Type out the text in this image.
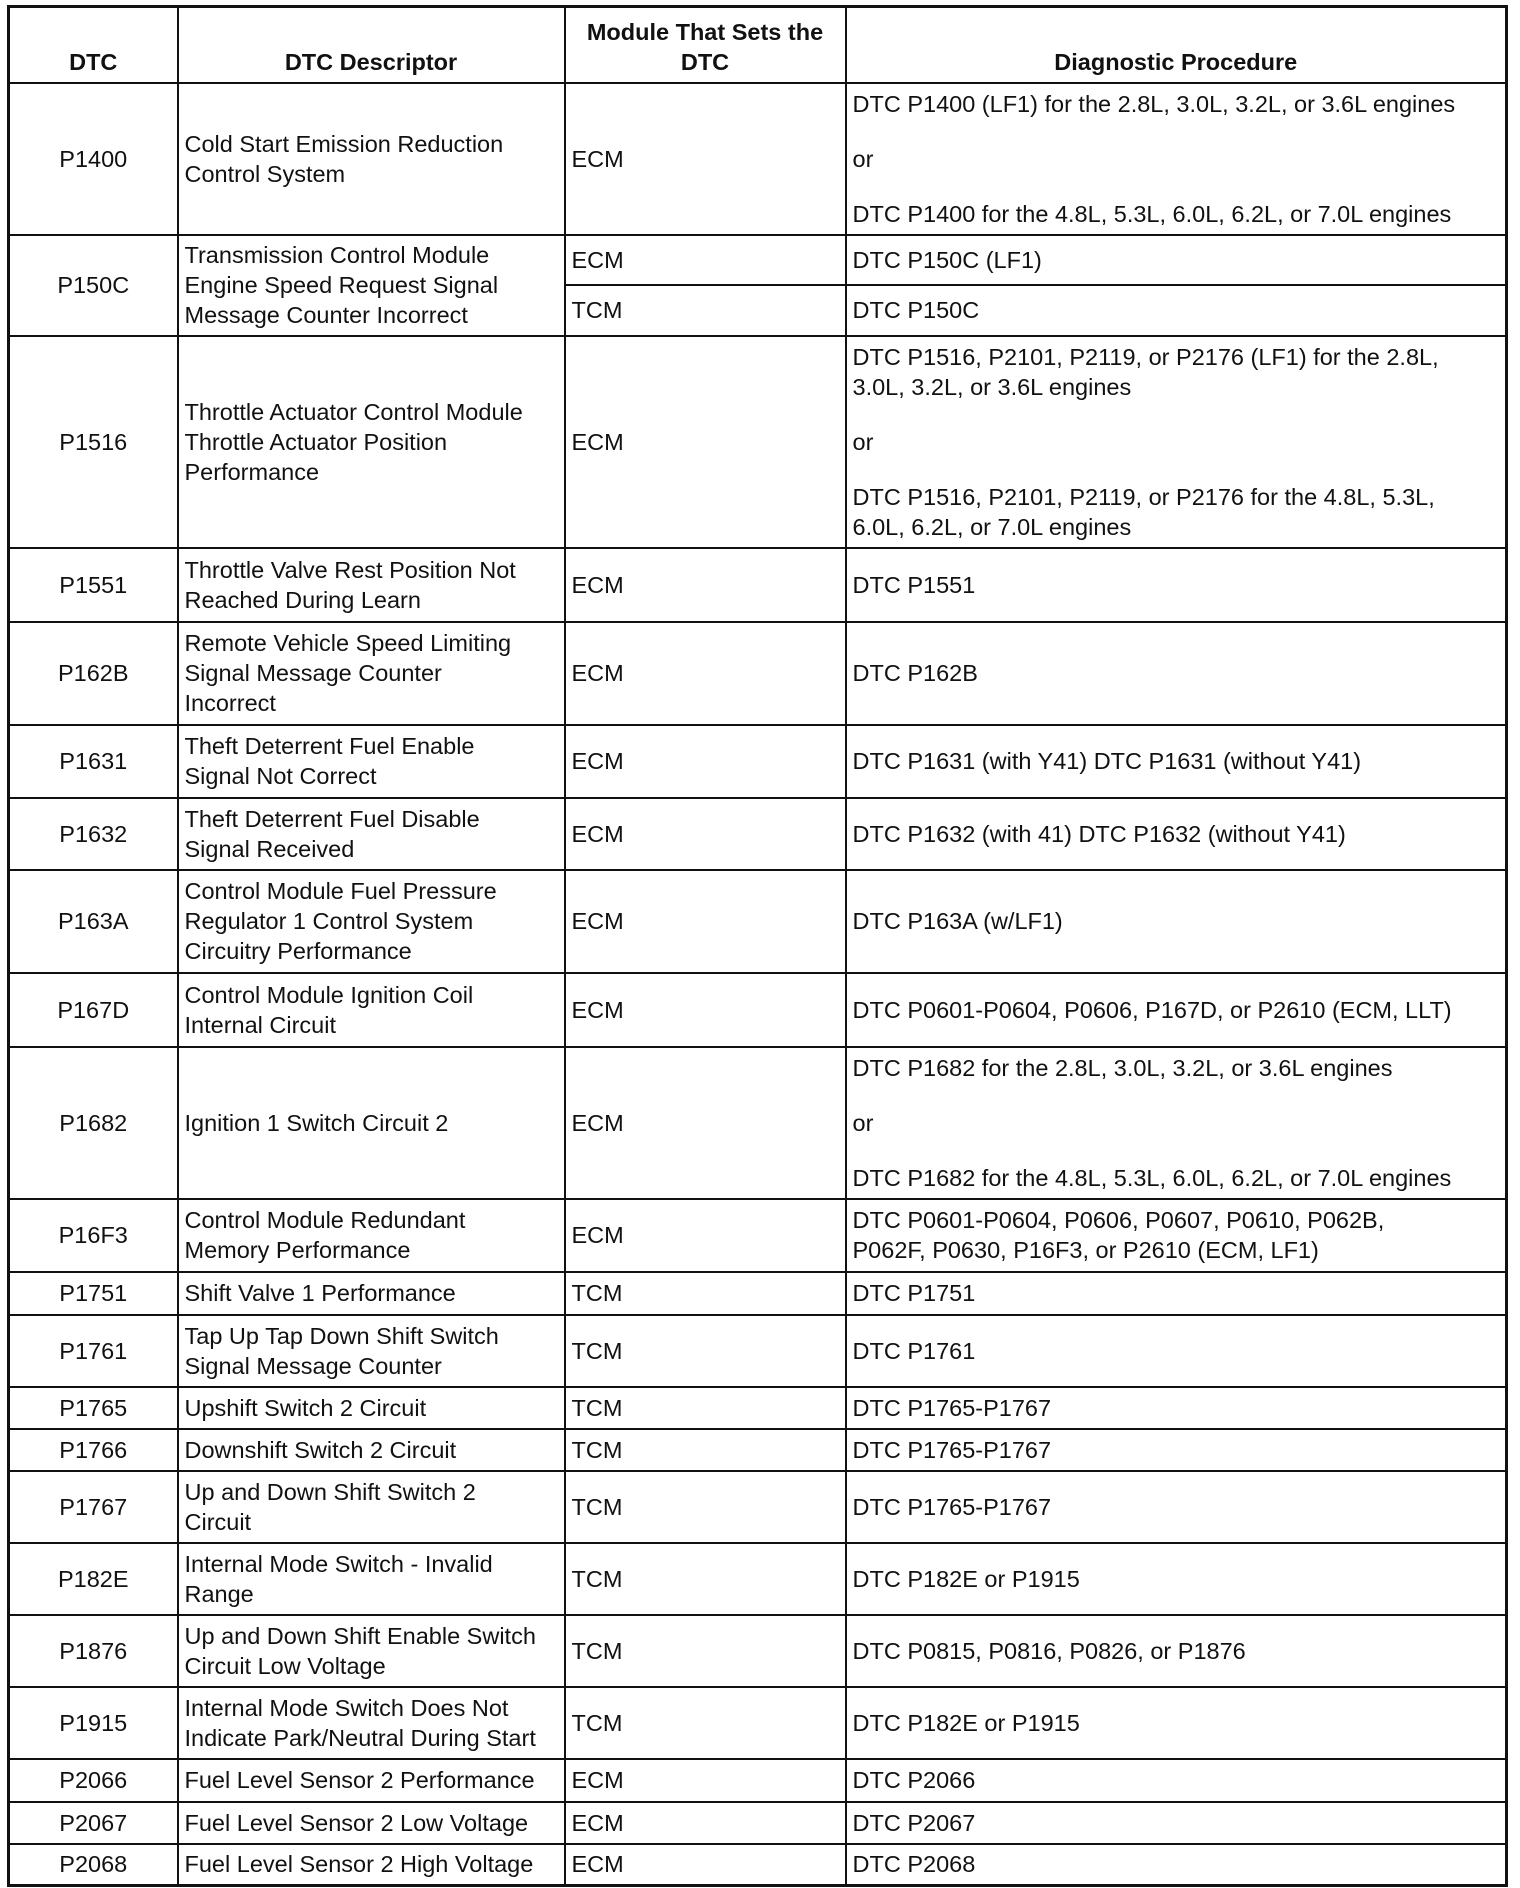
DTC	DTC Descriptor	Module That Sets the
DTC	Diagnostic Procedure
P1400	Cold Start Emission Reduction
Control System	ECM	DTC P1400 (LF1) for the 2.8L, 3.0L, 3.2L, or 3.6L engines
or
DTC P1400 for the 4.8L, 5.3L, 6.0L, 6.2L, or 7.0L engines

P150C	Transmission Control Module
Engine Speed Request Signal
Message Counter Incorrect	ECM	DTC P150C (LF1)
		TCM	DTC P150C
P1516	Throttle Actuator Control Module
Throttle Actuator Position
Performance	ECM	DTC P1516, P2101, P2119, or P2176 (LF1) for the 2.8L,
3.0L, 3.2L, or 3.6L engines
or
DTC P1516, P2101, P2119, or P2176 for the 4.8L, 5.3L,
6.0L, 6.2L, or 7.0L engines

P1551	Throttle Valve Rest Position Not
Reached During Learn	ECM	DTC P1551

P162B	Remote Vehicle Speed Limiting
Signal Message Counter
Incorrect	ECM	DTC P162B

P1631	Theft Deterrent Fuel Enable
Signal Not Correct	ECM	DTC P1631 (with Y41) DTC P1631 (without Y41)

P1632	Theft Deterrent Fuel Disable
Signal Received	ECM	DTC P1632 (with 41) DTC P1632 (without Y41)

P163A	Control Module Fuel Pressure
Regulator 1 Control System
Circuitry Performance	ECM	DTC P163A (w/LF1)

P167D	Control Module Ignition Coil
Internal Circuit	ECM	DTC P0601-P0604, P0606, P167D, or P2610 (ECM, LLT)

P1682	Ignition 1 Switch Circuit 2	ECM	DTC P1682 for the 2.8L, 3.0L, 3.2L, or 3.6L engines
or
DTC P1682 for the 4.8L, 5.3L, 6.0L, 6.2L, or 7.0L engines

P16F3	Control Module Redundant
Memory Performance	ECM	DTC P0601-P0604, P0606, P0607, P0610, P062B,
P062F, P0630, P16F3, or P2610 (ECM, LF1)

P1751	Shift Valve 1 Performance	TCM	DTC P1751

P1761	Tap Up Tap Down Shift Switch
Signal Message Counter	TCM	DTC P1761

P1765	Upshift Switch 2 Circuit	TCM	DTC P1765-P1767

P1766	Downshift Switch 2 Circuit	TCM	DTC P1765-P1767

P1767	Up and Down Shift Switch 2
Circuit	TCM	DTC P1765-P1767

P182E	Internal Mode Switch - Invalid
Range	TCM	DTC P182E or P1915

P1876	Up and Down Shift Enable Switch
Circuit Low Voltage	TCM	DTC P0815, P0816, P0826, or P1876

P1915	Internal Mode Switch Does Not
Indicate Park/Neutral During Start	TCM	DTC P182E or P1915

P2066	Fuel Level Sensor 2 Performance	ECM	DTC P2066

P2067	Fuel Level Sensor 2 Low Voltage	ECM	DTC P2067

P2068	Fuel Level Sensor 2 High Voltage	ECM	DTC P2068
